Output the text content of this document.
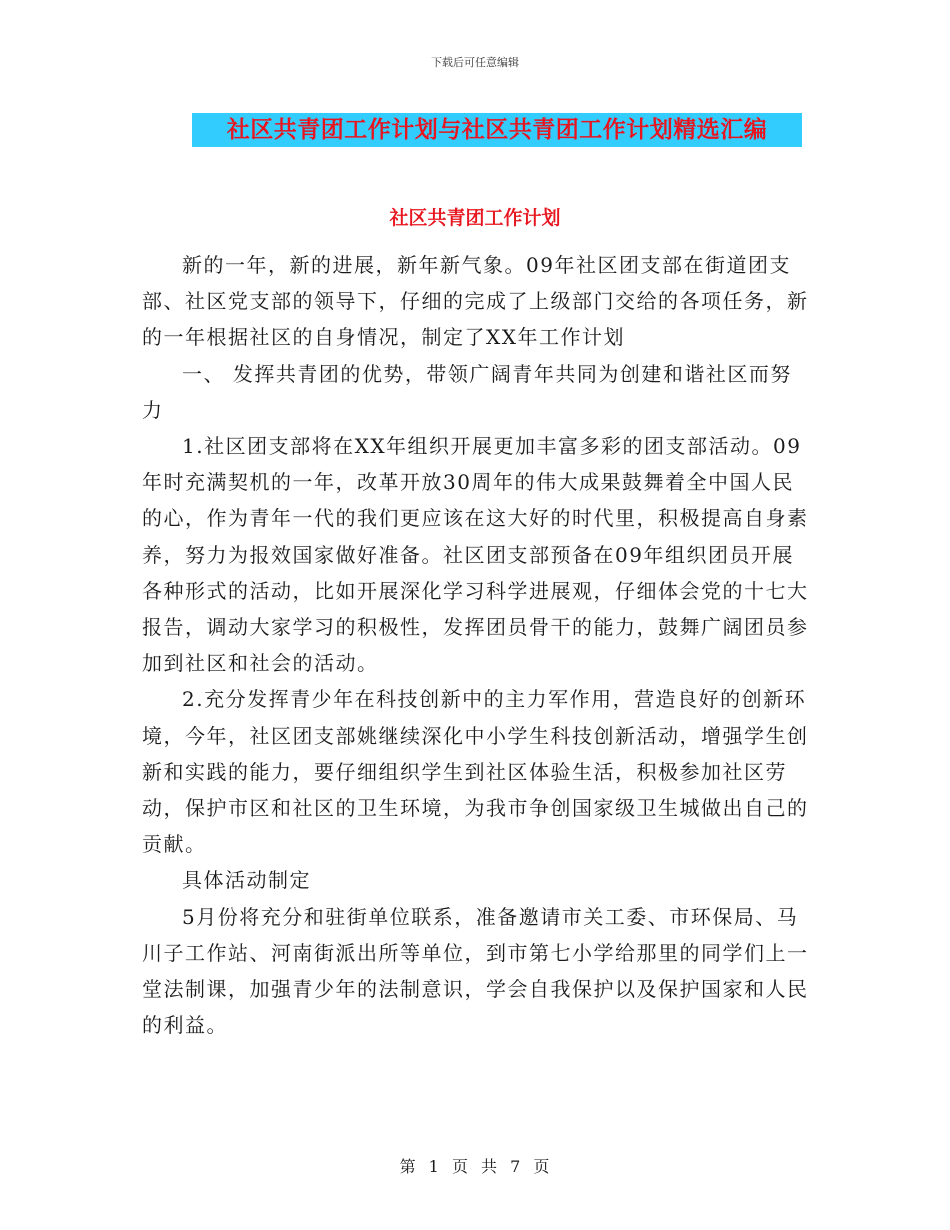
下载后可任意编辑
社区共青团工作计划与社区共青团工作计划精选汇编
社区共青团工作计划

新的一年，新的进展，新年新气象。09年社区团支部在街道团支部、社区党支部的领导下，仔细的完成了上级部门交给的各项任务，新的一年根据社区的自身情况，制定了XX年工作计划

一、 发挥共青团的优势，带领广阔青年共同为创建和谐社区而努力

1.社区团支部将在XX年组织开展更加丰富多彩的团支部活动。09年时充满契机的一年，改革开放30周年的伟大成果鼓舞着全中国人民的心，作为青年一代的我们更应该在这大好的时代里，积极提高自身素养，努力为报效国家做好准备。社区团支部预备在09年组织团员开展各种形式的活动，比如开展深化学习科学进展观，仔细体会党的十七大报告，调动大家学习的积极性，发挥团员骨干的能力，鼓舞广阔团员参加到社区和社会的活动。

2.充分发挥青少年在科技创新中的主力军作用，营造良好的创新环境，今年，社区团支部姚继续深化中小学生科技创新活动，增强学生创新和实践的能力，要仔细组织学生到社区体验生活，积极参加社区劳动，保护市区和社区的卫生环境，为我市争创国家级卫生城做出自己的贡献。

具体活动制定

5月份将充分和驻街单位联系，准备邀请市关工委、市环保局、马川子工作站、河南街派出所等单位，到市第七小学给那里的同学们上一堂法制课，加强青少年的法制意识，学会自我保护以及保护国家和人民的利益。

第 1 页 共 7 页
